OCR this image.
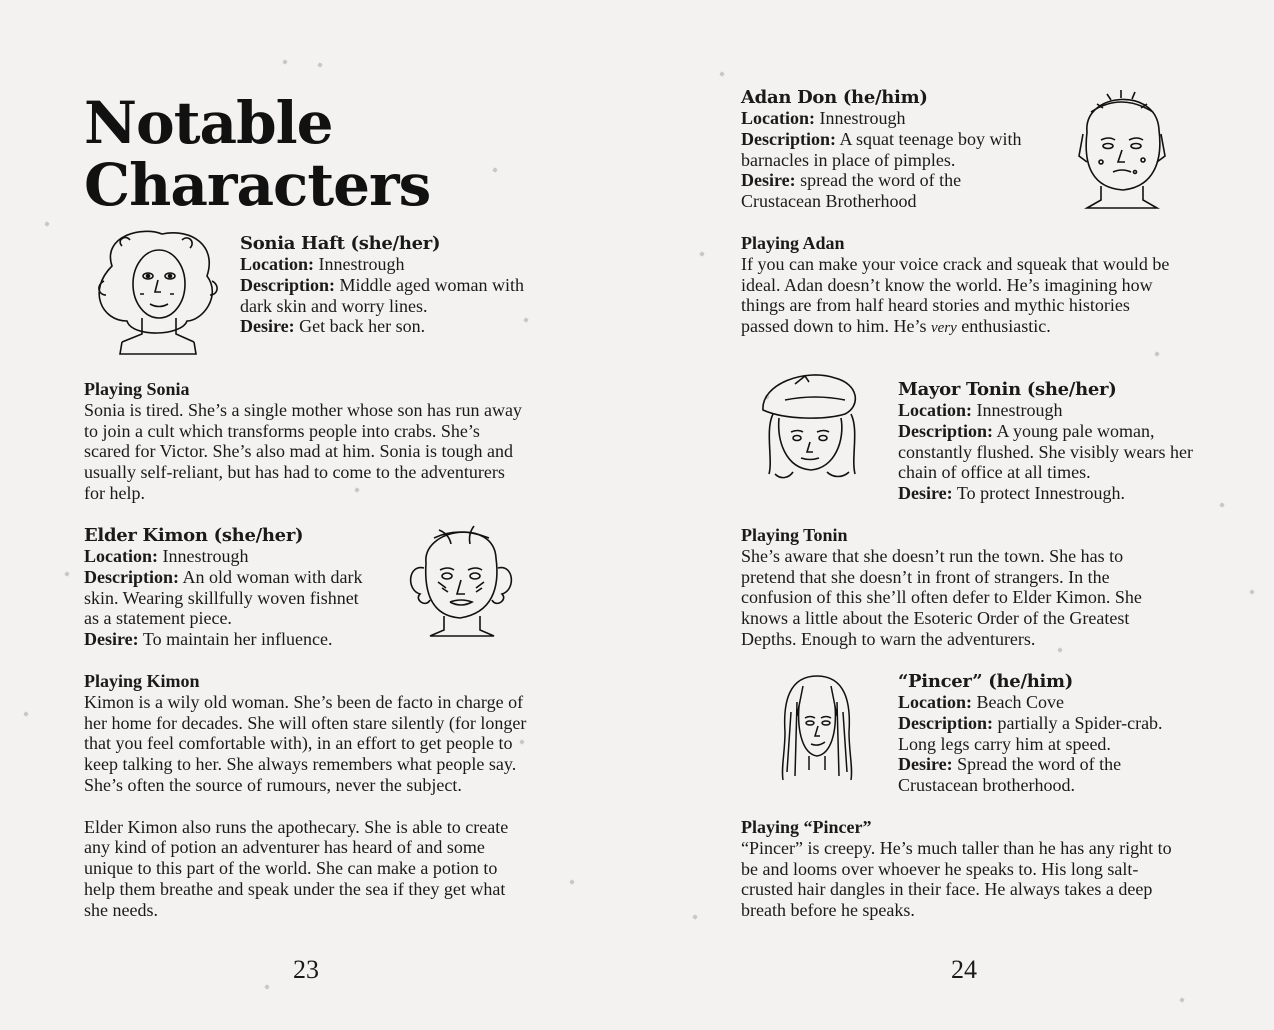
Notable
Characters
Sonia Haft (she/her)
Location: Innestrough
Description: Middle aged woman with dark skin and worry lines.
Desire: Get back her son.
Playing Sonia
Sonia is tired. She’s a single mother whose son has run away to join a cult which transforms people into crabs. She’s scared for Victor. She’s also mad at him. Sonia is tough and usually self-reliant, but has had to come to the adventurers for help.
Elder Kimon (she/her)
Location: Innestrough
Description: An old woman with dark skin. Wearing skillfully woven fishnet as a statement piece.
Desire: To maintain her influence.
Playing Kimon
Kimon is a wily old woman. She’s been de facto in charge of her home for decades. She will often stare silently (for longer that you feel comfortable with), in an effort to get people to keep talking to her. She always remembers what people say. She’s often the source of rumours, never the subject.
Elder Kimon also runs the apothecary. She is able to create any kind of potion an adventurer has heard of and some unique to this part of the world. She can make a potion to help them breathe and speak under the sea if they get what she needs.
23
Adan Don (he/him)
Location: Innestrough
Description: A squat teenage boy with barnacles in place of pimples.
Desire: spread the word of the Crustacean Brotherhood
Playing Adan
If you can make your voice crack and squeak that would be ideal. Adan doesn’t know the world. He’s imagining how things are from half heard stories and mythic histories passed down to him. He’s very enthusiastic.
Mayor Tonin (she/her)
Location: Innestrough
Description: A young pale woman, constantly flushed. She visibly wears her chain of office at all times.
Desire: To protect Innestrough.
Playing Tonin
She’s aware that she doesn’t run the town. She has to pretend that she doesn’t in front of strangers. In the confusion of this she’ll often defer to Elder Kimon. She knows a little about the Esoteric Order of the Greatest Depths. Enough to warn the adventurers.
“Pincer” (he/him)
Location: Beach Cove
Description: partially a Spider-crab. Long legs carry him at speed.
Desire: Spread the word of the Crustacean brotherhood.
Playing “Pincer”
“Pincer” is creepy. He’s much taller than he has any right to be and looms over whoever he speaks to. His long salt-crusted hair dangles in their face. He always takes a deep breath before he speaks.
24
